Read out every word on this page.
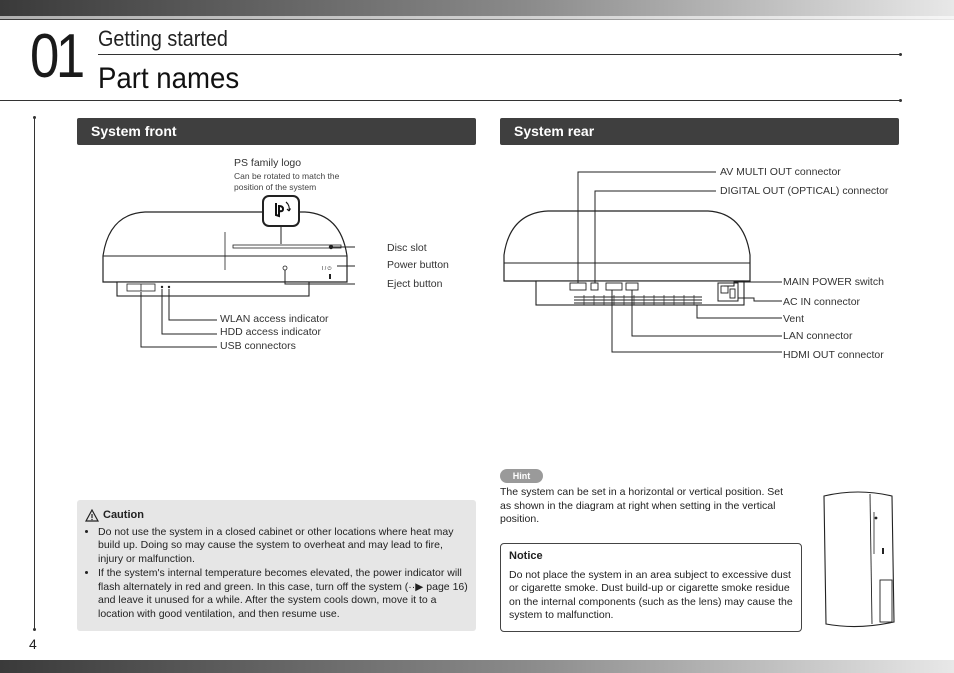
01 Getting started
Part names
System front
PS family logo
Can be rotated to match the position of the system
I / ⏻
Disc slot
Power button
Eject button
WLAN access indicator
HDD access indicator
USB connectors
System rear
AV MULTI OUT connector
DIGITAL OUT (OPTICAL) connector
MAIN POWER switch
AC IN connector
Vent
LAN connector
HDMI OUT connector
Caution
• Do not use the system in a closed cabinet or other locations where heat may build up. Doing so may cause the system to overheat and may lead to fire, injury or malfunction.
• If the system's internal temperature becomes elevated, the power indicator will flash alternately in red and green. In this case, turn off the system (··▶ page 16) and leave it unused for a while. After the system cools down, move it to a location with good ventilation, and then resume use.
Hint
The system can be set in a horizontal or vertical position. Set as shown in the diagram at right when setting in the vertical position.
Notice
Do not place the system in an area subject to excessive dust or cigarette smoke. Dust build-up or cigarette smoke residue on the internal components (such as the lens) may cause the system to malfunction.
4
